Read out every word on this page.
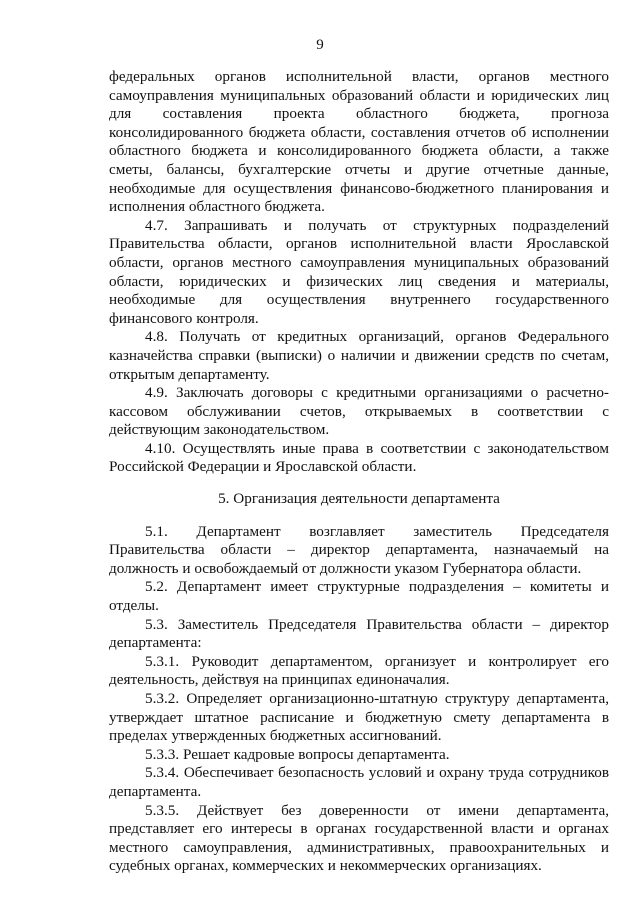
9

федеральных органов исполнительной власти, органов местного самоуправления муниципальных образований области и юридических лиц для составления проекта областного бюджета, прогноза консолидированного бюджета области, составления отчетов об исполнении областного бюджета и консолидированного бюджета области, а также сметы, балансы, бухгалтерские отчеты и другие отчетные данные, необходимые для осуществления финансово-бюджетного планирования и исполнения областного бюджета.

4.7. Запрашивать и получать от структурных подразделений Правительства области, органов исполнительной власти Ярославской области, органов местного самоуправления муниципальных образований области, юридических и физических лиц сведения и материалы, необходимые для осуществления внутреннего государственного финансового контроля.

4.8. Получать от кредитных организаций, органов Федерального казначейства справки (выписки) о наличии и движении средств по счетам, открытым департаменту.

4.9. Заключать договоры с кредитными организациями о расчетно-кассовом обслуживании счетов, открываемых в соответствии с действующим законодательством.

4.10. Осуществлять иные права в соответствии с законодательством Российской Федерации и Ярославской области.

5. Организация деятельности департамента

5.1. Департамент возглавляет заместитель Председателя Правительства области – директор департамента, назначаемый на должность и освобождаемый от должности указом Губернатора области.

5.2. Департамент имеет структурные подразделения – комитеты и отделы.

5.3. Заместитель Председателя Правительства области – директор департамента:

5.3.1. Руководит департаментом, организует и контролирует его деятельность, действуя на принципах единоначалия.

5.3.2. Определяет организационно-штатную структуру департамента, утверждает штатное расписание и бюджетную смету департамента в пределах утвержденных бюджетных ассигнований.

5.3.3. Решает кадровые вопросы департамента.

5.3.4. Обеспечивает безопасность условий и охрану труда сотрудников департамента.

5.3.5. Действует без доверенности от имени департамента, представляет его интересы в органах государственной власти и органах местного самоуправления, административных, правоохранительных и судебных органах, коммерческих и некоммерческих организациях.
